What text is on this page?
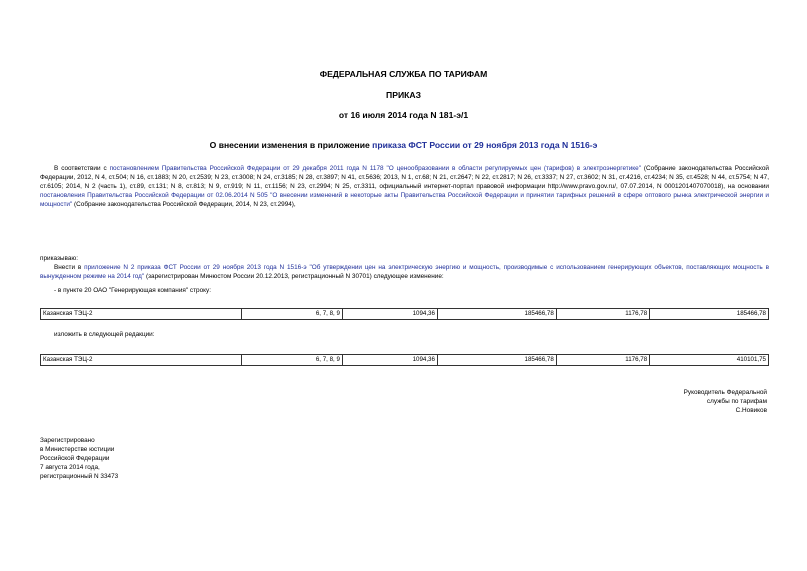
ФЕДЕРАЛЬНАЯ СЛУЖБА ПО ТАРИФАМ
ПРИКАЗ
от 16 июля 2014 года N 181-э/1
О внесении изменения в приложение приказа ФСТ России от 29 ноября 2013 года N 1516-э
В соответствии с постановлением Правительства Российской Федерации от 29 декабря 2011 года N 1178 "О ценообразовании в области регулируемых цен (тарифов) в электроэнергетике" (Собрание законодательства Российской Федерации, 2012, N 4, ст.504; N 16, ст.1883; N 20, ст.2539; N 23, ст.3008; N 24, ст.3185; N 28, ст.3897; N 41, ст.5636; 2013, N 1, ст.68; N 21, ст.2647; N 22, ст.2817; N 26, ст.3337; N 27, ст.3602; N 31, ст.4216, ст.4234; N 35, ст.4528; N 44, ст.5754; N 47, ст.6105; 2014, N 2 (часть 1), ст.89, ст.131; N 8, ст.813; N 9, ст.919; N 11, ст.1156; N 23, ст.2994; N 25, ст.3311, официальный интернет-портал правовой информации http://www.pravo.gov.ru/, 07.07.2014, N 0001201407070018), на основании постановления Правительства Российской Федерации от 02.06.2014 N 505 "О внесении изменений в некоторые акты Правительства Российской Федерации и принятии тарифных решений в сфере оптового рынка электрической энергии и мощности" (Собрание законодательства Российской Федерации, 2014, N 23, ст.2994),
приказываю:
Внести в приложение N 2 приказа ФСТ России от 29 ноября 2013 года N 1516-э "Об утверждении цен на электрическую энергию и мощность, производимые с использованием генерирующих объектов, поставляющих мощность в вынужденном режиме на 2014 год" (зарегистрирован Минюстом России 20.12.2013, регистрационный N 30701) следующее изменение:
- в пункте 20 ОАО "Генерирующая компания" строку:
Казанская ТЭЦ-2	6, 7, 8, 9	1094,36	185466,78	1176,78	185466,78
изложить в следующей редакции:
Казанская ТЭЦ-2	6, 7, 8, 9	1094,36	185466,78	1176,78	410101,75
Руководитель Федеральной
службы по тарифам
С.Новиков
Зарегистрировано
в Министерстве юстиции
Российской Федерации
7 августа 2014 года,
регистрационный N 33473
